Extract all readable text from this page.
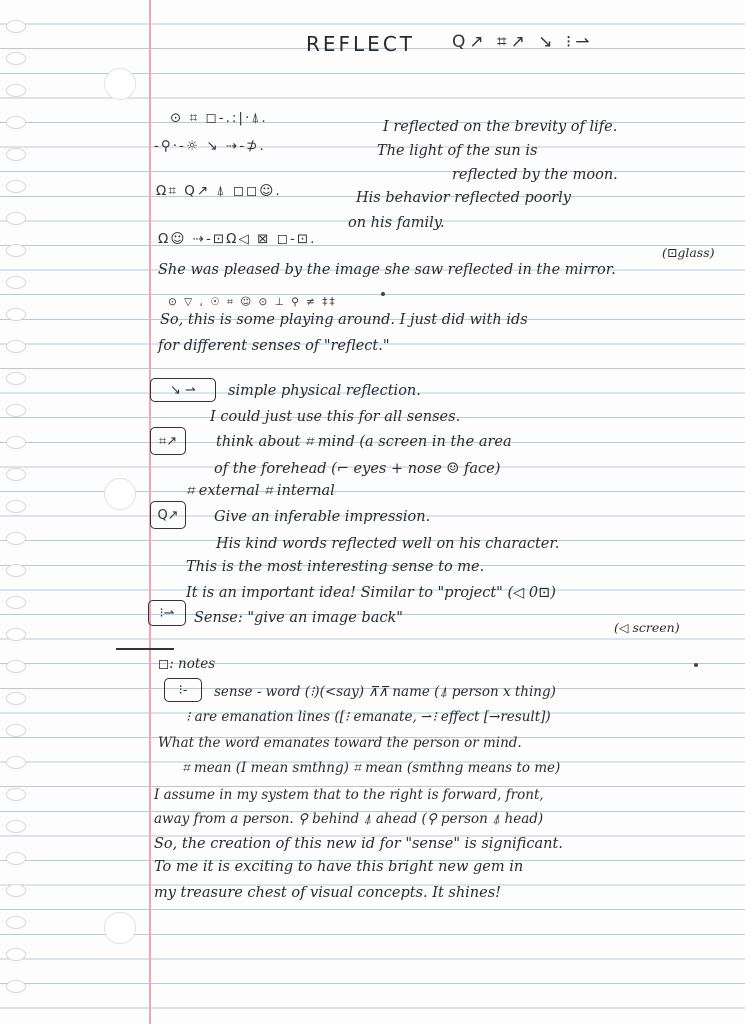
REFLECT Q↗ ⌗↗ ↘ ⁝⇀
⊙ ⌗ ◻-.:|·⍋.
I reflected on the brevity of life.
-⚲·-☼ ↘ ⇢-⊅.	The light of the sun is
reflected by the moon.
Ω⌗ Q↗ ⍋ ◻◻☺.	His behavior reflected poorly
on his family.
Ω☺ ⇢-⊡Ω◁ ⊠ ◻-⊡.
(⊡glass)
She was pleased by the image she saw reflected in the mirror.
⊙ ▽ , ☉ ⌗ ☺ ⊙ ⊥ ⚲ ≠ ‡‡
So, this is some playing around. I just did with ids
for different senses of "reflect."
↘ ⇀ simple physical reflection.
I could just use this for all senses.
⌗↗	think about ⌗ mind (a screen in the area
of the forehead (⌐ eyes + nose ☺ face)
⌗ external ⌗ internal
Q↗ Give an inferable impression.
His kind words reflected well on his character.
This is the most interesting sense to me.
It is an important idea! Similar to "project" (◁ 0⊡)
⁝⇀ Sense: "give an image back"
(◁ screen)
◻: notes
⁝- sense - word (⁝)(<say) ⊼⊼ name (⍋ person x thing)
⁝ are emanation lines ([⁝ emanate, ⇀⁝ effect [→result])
What the word emanates toward the person or mind.
⌗ mean (I mean smthng) ⌗ mean (smthng means to me)
I assume in my system that to the right is forward, front,
away from a person. ⚲ behind ⍋ ahead (⚲ person ⍋ head)
So, the creation of this new id for "sense" is significant.
To me it is exciting to have this bright new gem in
my treasure chest of visual concepts. It shines!
